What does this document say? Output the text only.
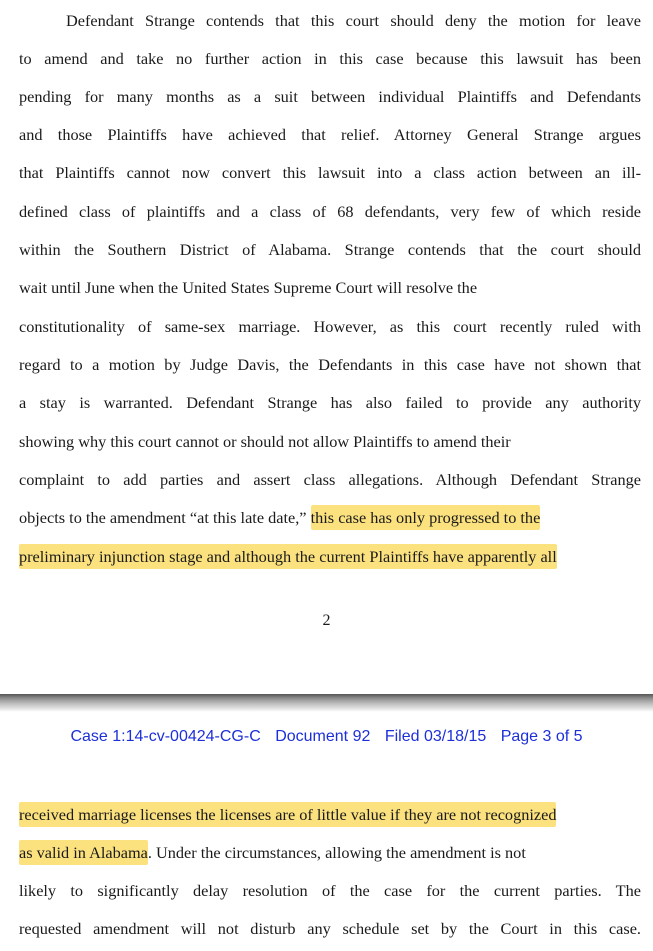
Defendant Strange contends that this court should deny the motion for leave
to amend and take no further action in this case because this lawsuit has been
pending for many months as a suit between individual Plaintiffs and Defendants
and those Plaintiffs have achieved that relief. Attorney General Strange argues
that Plaintiffs cannot now convert this lawsuit into a class action between an ill-
defined class of plaintiffs and a class of 68 defendants, very few of which reside
within the Southern District of Alabama. Strange contends that the court should
wait until June when the United States Supreme Court will resolve the
constitutionality of same-sex marriage. However, as this court recently ruled with
regard to a motion by Judge Davis, the Defendants in this case have not shown that
a stay is warranted. Defendant Strange has also failed to provide any authority
showing why this court cannot or should not allow Plaintiffs to amend their
complaint to add parties and assert class allegations. Although Defendant Strange
objects to the amendment “at this late date,” this case has only progressed to the
preliminary injunction stage and although the current Plaintiffs have apparently all
2
Case 1:14-cv-00424-CG-C Document 92 Filed 03/18/15 Page 3 of 5
received marriage licenses the licenses are of little value if they are not recognized
as valid in Alabama. Under the circumstances, allowing the amendment is not
likely to significantly delay resolution of the case for the current parties. The
requested amendment will not disturb any schedule set by the Court in this case.
